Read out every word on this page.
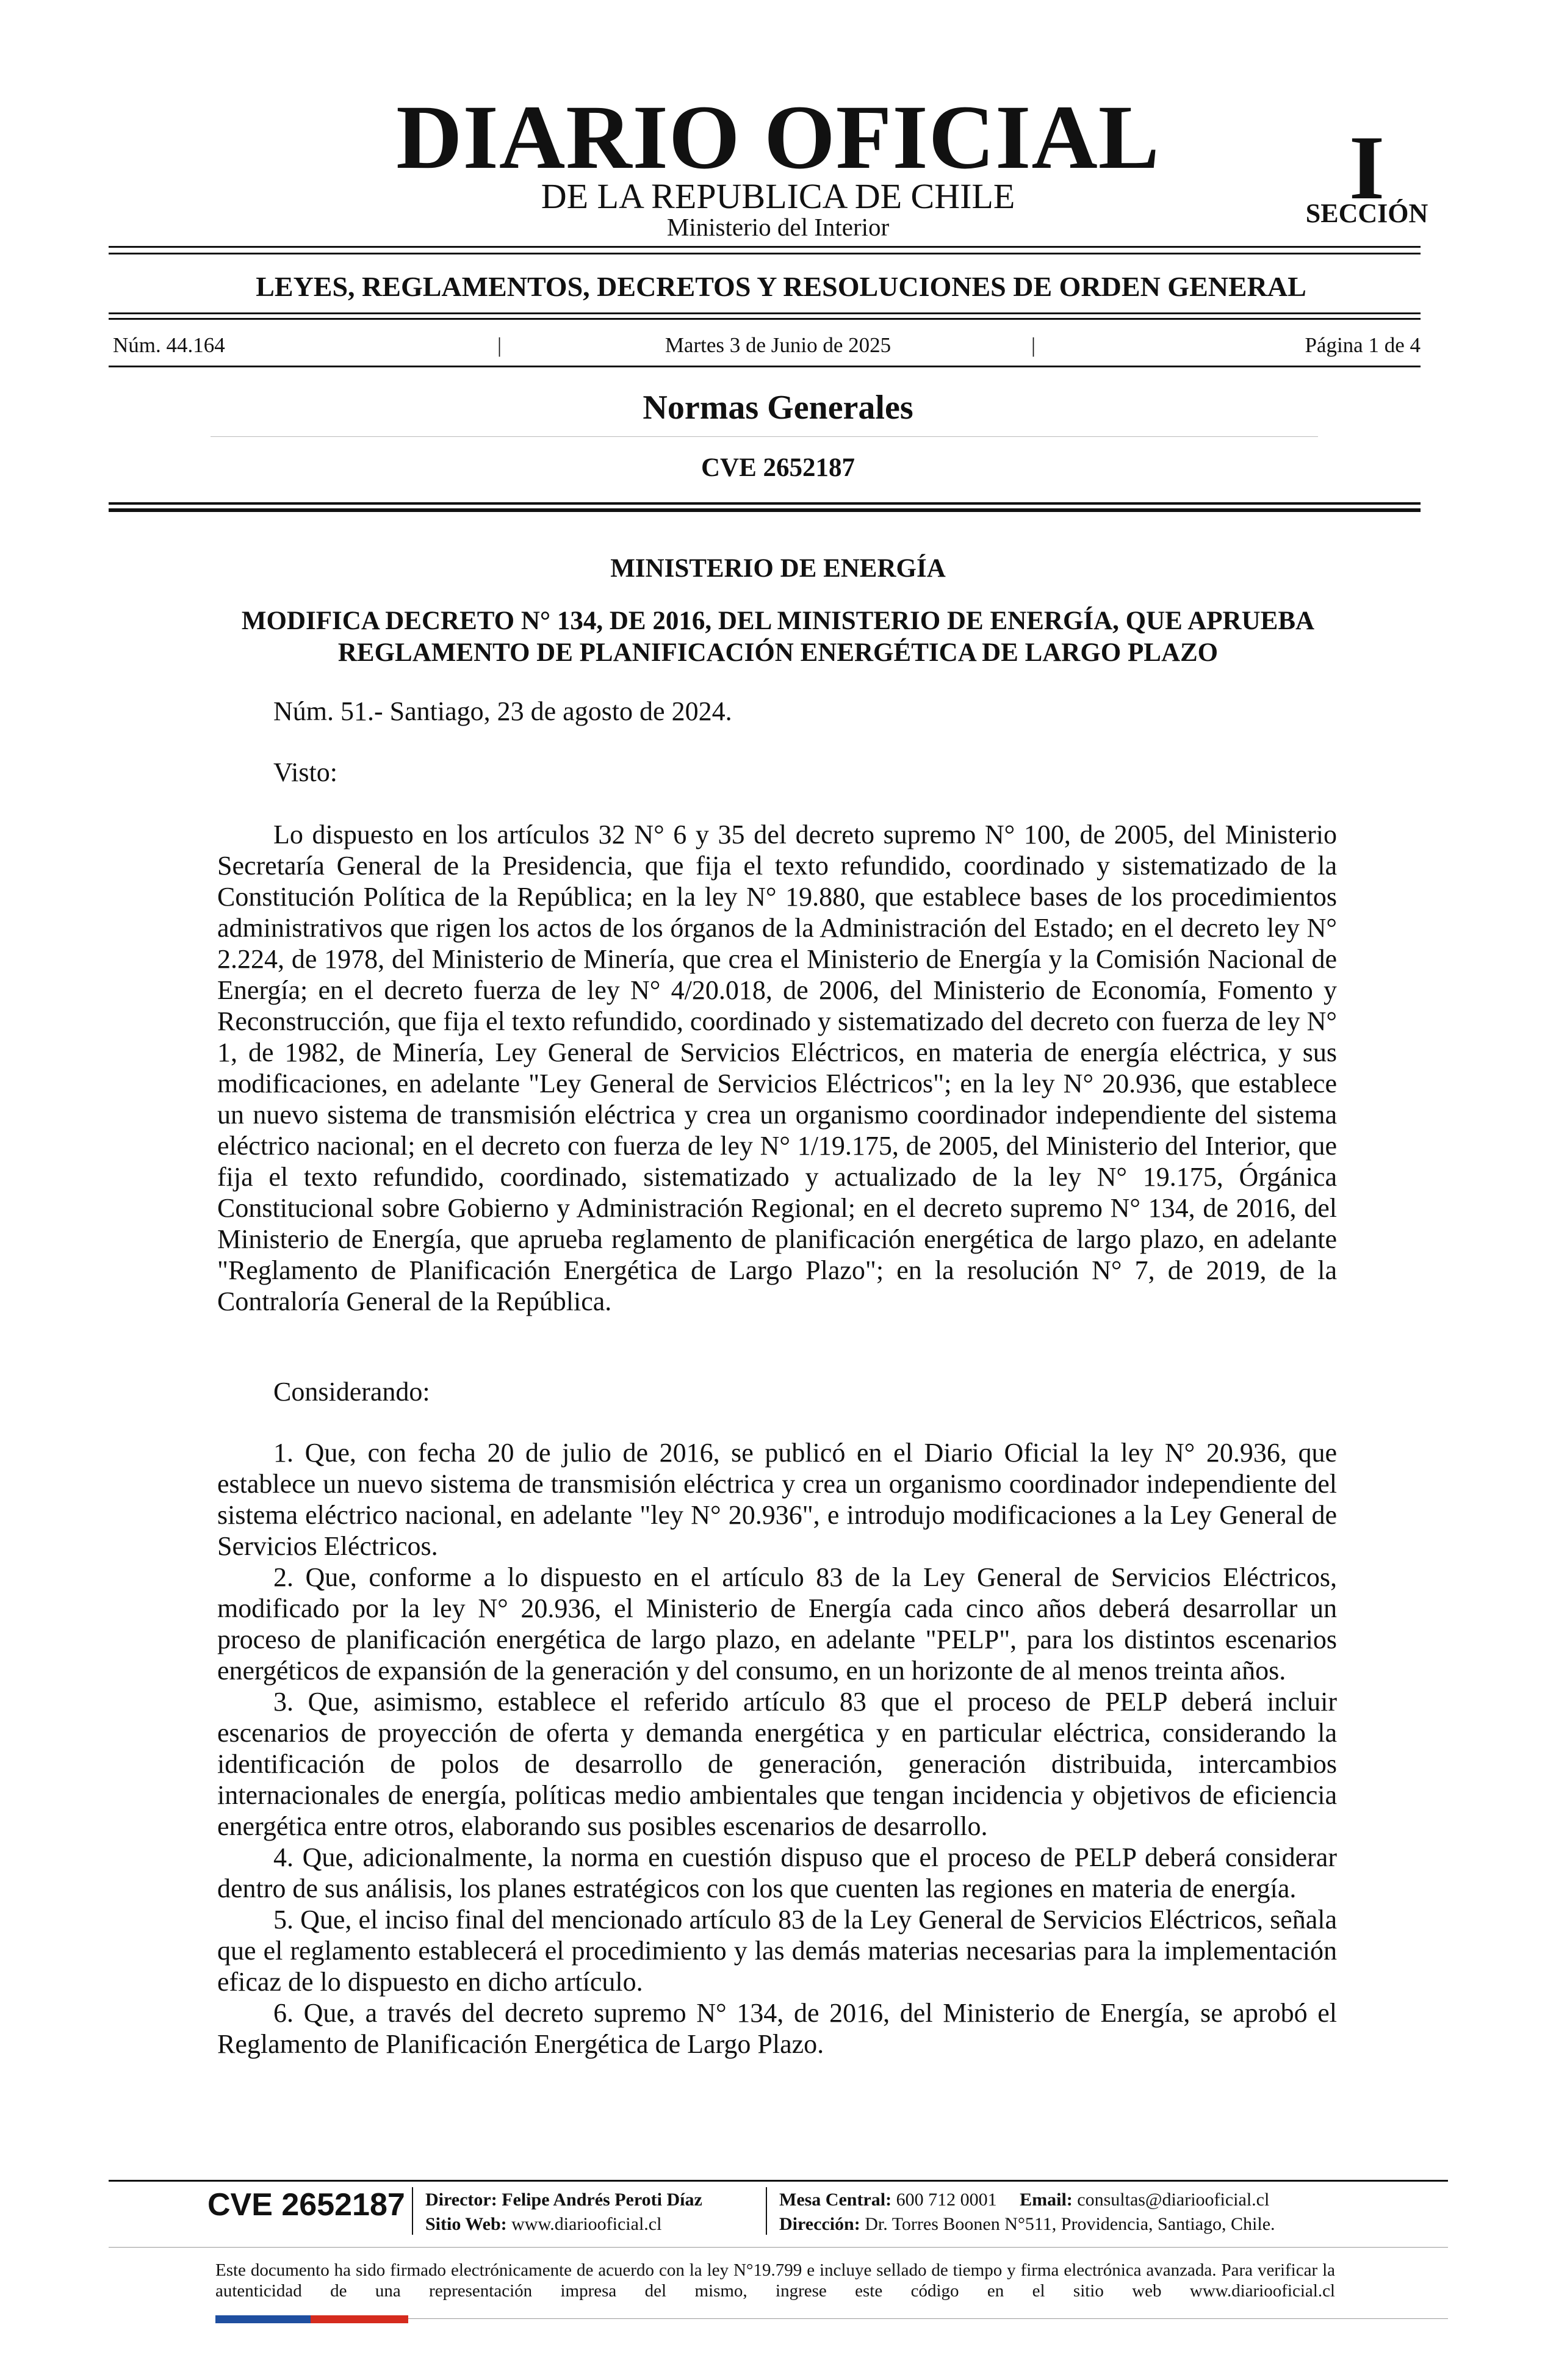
DIARIO OFICIAL
DE LA REPUBLICA DE CHILE
Ministerio del Interior
I
SECCIÓN
LEYES, REGLAMENTOS, DECRETOS Y RESOLUCIONES DE ORDEN GENERAL
Núm. 44.164	|	Martes 3 de Junio de 2025	|	Página 1 de 4
Normas Generales
CVE 2652187
MINISTERIO DE ENERGÍA
MODIFICA DECRETO N° 134, DE 2016, DEL MINISTERIO DE ENERGÍA, QUE APRUEBA REGLAMENTO DE PLANIFICACIÓN ENERGÉTICA DE LARGO PLAZO
Núm. 51.- Santiago, 23 de agosto de 2024.
Visto:
Lo dispuesto en los artículos 32 N° 6 y 35 del decreto supremo N° 100, de 2005, del Ministerio Secretaría General de la Presidencia, que fija el texto refundido, coordinado y sistematizado de la Constitución Política de la República; en la ley N° 19.880, que establece bases de los procedimientos administrativos que rigen los actos de los órganos de la Administración del Estado; en el decreto ley N° 2.224, de 1978, del Ministerio de Minería, que crea el Ministerio de Energía y la Comisión Nacional de Energía; en el decreto fuerza de ley N° 4/20.018, de 2006, del Ministerio de Economía, Fomento y Reconstrucción, que fija el texto refundido, coordinado y sistematizado del decreto con fuerza de ley N° 1, de 1982, de Minería, Ley General de Servicios Eléctricos, en materia de energía eléctrica, y sus modificaciones, en adelante "Ley General de Servicios Eléctricos"; en la ley N° 20.936, que establece un nuevo sistema de transmisión eléctrica y crea un organismo coordinador independiente del sistema eléctrico nacional; en el decreto con fuerza de ley N° 1/19.175, de 2005, del Ministerio del Interior, que fija el texto refundido, coordinado, sistematizado y actualizado de la ley N° 19.175, Órgánica Constitucional sobre Gobierno y Administración Regional; en el decreto supremo N° 134, de 2016, del Ministerio de Energía, que aprueba reglamento de planificación energética de largo plazo, en adelante "Reglamento de Planificación Energética de Largo Plazo"; en la resolución N° 7, de 2019, de la Contraloría General de la República.
Considerando:

1. Que, con fecha 20 de julio de 2016, se publicó en el Diario Oficial la ley N° 20.936, que establece un nuevo sistema de transmisión eléctrica y crea un organismo coordinador independiente del sistema eléctrico nacional, en adelante "ley N° 20.936", e introdujo modificaciones a la Ley General de Servicios Eléctricos.

2. Que, conforme a lo dispuesto en el artículo 83 de la Ley General de Servicios Eléctricos, modificado por la ley N° 20.936, el Ministerio de Energía cada cinco años deberá desarrollar un proceso de planificación energética de largo plazo, en adelante "PELP", para los distintos escenarios energéticos de expansión de la generación y del consumo, en un horizonte de al menos treinta años.

3. Que, asimismo, establece el referido artículo 83 que el proceso de PELP deberá incluir escenarios de proyección de oferta y demanda energética y en particular eléctrica, considerando la identificación de polos de desarrollo de generación, generación distribuida, intercambios internacionales de energía, políticas medio ambientales que tengan incidencia y objetivos de eficiencia energética entre otros, elaborando sus posibles escenarios de desarrollo.

4. Que, adicionalmente, la norma en cuestión dispuso que el proceso de PELP deberá considerar dentro de sus análisis, los planes estratégicos con los que cuenten las regiones en materia de energía.

5. Que, el inciso final del mencionado artículo 83 de la Ley General de Servicios Eléctricos, señala que el reglamento establecerá el procedimiento y las demás materias necesarias para la implementación eficaz de lo dispuesto en dicho artículo.

6. Que, a través del decreto supremo N° 134, de 2016, del Ministerio de Energía, se aprobó el Reglamento de Planificación Energética de Largo Plazo.

CVE 2652187 Director: Felipe Andrés Peroti Díaz
Sitio Web: www.diariooficial.cl
Mesa Central: 600 712 0001 Email: consultas@diariooficial.cl
Dirección: Dr. Torres Boonen N°511, Providencia, Santiago, Chile.
Este documento ha sido firmado electrónicamente de acuerdo con la ley N°19.799 e incluye sellado de tiempo y firma electrónica avanzada. Para verificar la autenticidad de una representación impresa del mismo, ingrese este código en el sitio web www.diariooficial.cl
